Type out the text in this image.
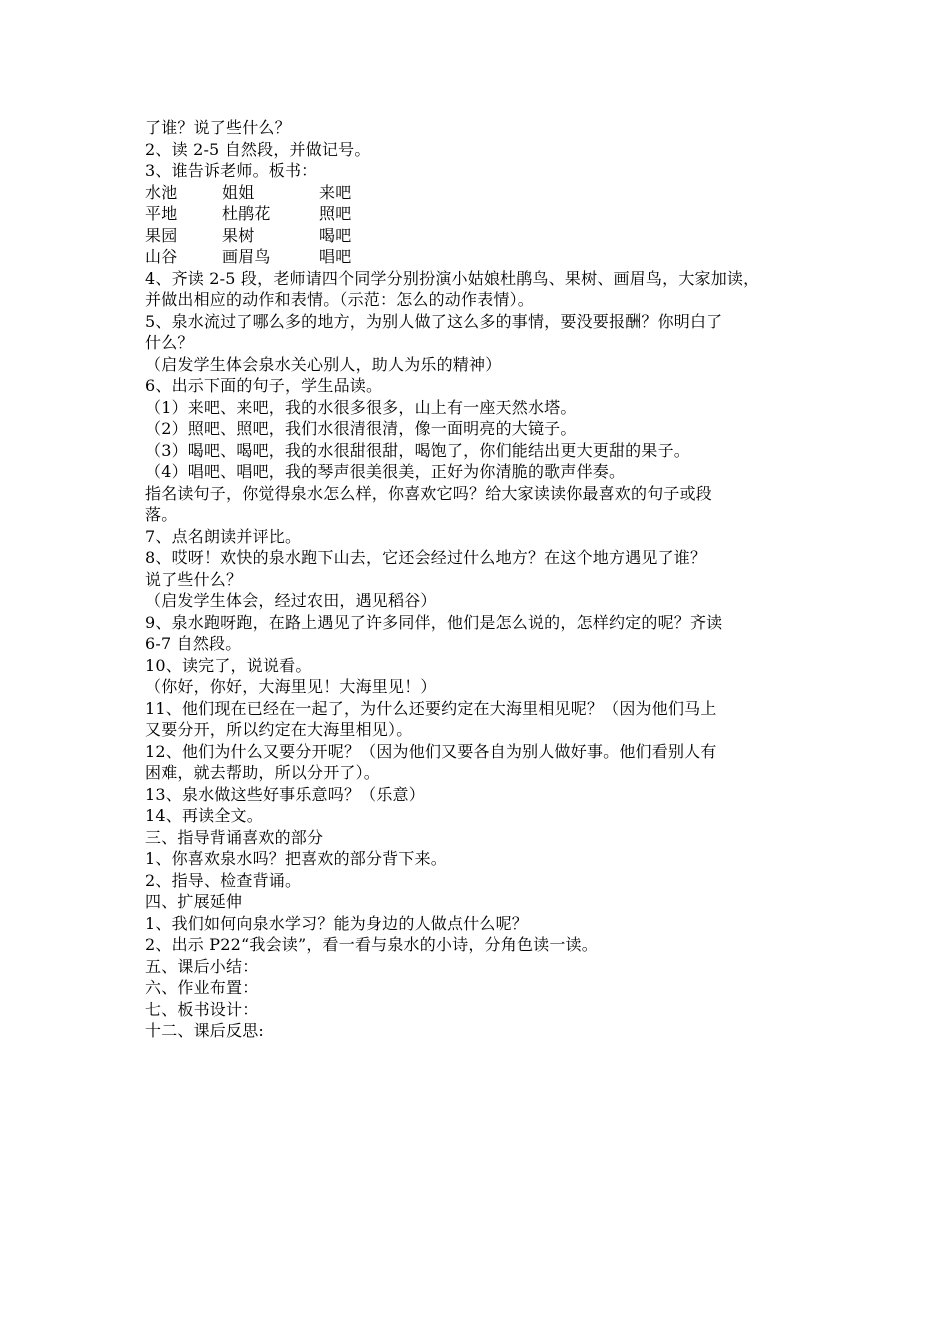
了谁？说了些什么？
2、读 2-5 自然段，并做记号。
3、谁告诉老师。板书：
水池	姐姐	来吧
平地	杜鹃花	照吧
果园	果树	喝吧
山谷	画眉鸟	唱吧
4、齐读 2-5 段，老师请四个同学分别扮演小姑娘杜鹃鸟、果树、画眉鸟，大家加读，
并做出相应的动作和表情。（示范：怎么的动作表情）。
5、泉水流过了哪么多的地方，为别人做了这么多的事情，要没要报酬？你明白了
什么？
（启发学生体会泉水关心别人，助人为乐的精神）
6、出示下面的句子，学生品读。
（1）来吧、来吧，我的水很多很多，山上有一座天然水塔。
（2）照吧、照吧，我们水很清很清，像一面明亮的大镜子。
（3）喝吧、喝吧，我的水很甜很甜，喝饱了，你们能结出更大更甜的果子。
（4）唱吧、唱吧，我的琴声很美很美，正好为你清脆的歌声伴奏。
指名读句子，你觉得泉水怎么样，你喜欢它吗？给大家读读你最喜欢的句子或段
落。
7、点名朗读并评比。
8、哎呀！欢快的泉水跑下山去，它还会经过什么地方？在这个地方遇见了谁？
说了些什么？
（启发学生体会，经过农田，遇见稻谷）
9、泉水跑呀跑，在路上遇见了许多同伴，他们是怎么说的，怎样约定的呢？齐读
6-7 自然段。
10、读完了，说说看。
（你好，你好，大海里见！大海里见！）
11、他们现在已经在一起了，为什么还要约定在大海里相见呢？（因为他们马上
又要分开，所以约定在大海里相见）。
12、他们为什么又要分开呢？（因为他们又要各自为别人做好事。他们看别人有
困难，就去帮助，所以分开了）。
13、泉水做这些好事乐意吗？（乐意）
14、再读全文。
三、指导背诵喜欢的部分
1、你喜欢泉水吗？把喜欢的部分背下来。
2、指导、检查背诵。
四、扩展延伸
1、我们如何向泉水学习？能为身边的人做点什么呢？
2、出示 P22“我会读”，看一看与泉水的小诗，分角色读一读。
五、课后小结：
六、作业布置：
七、板书设计：
十二、课后反思:
